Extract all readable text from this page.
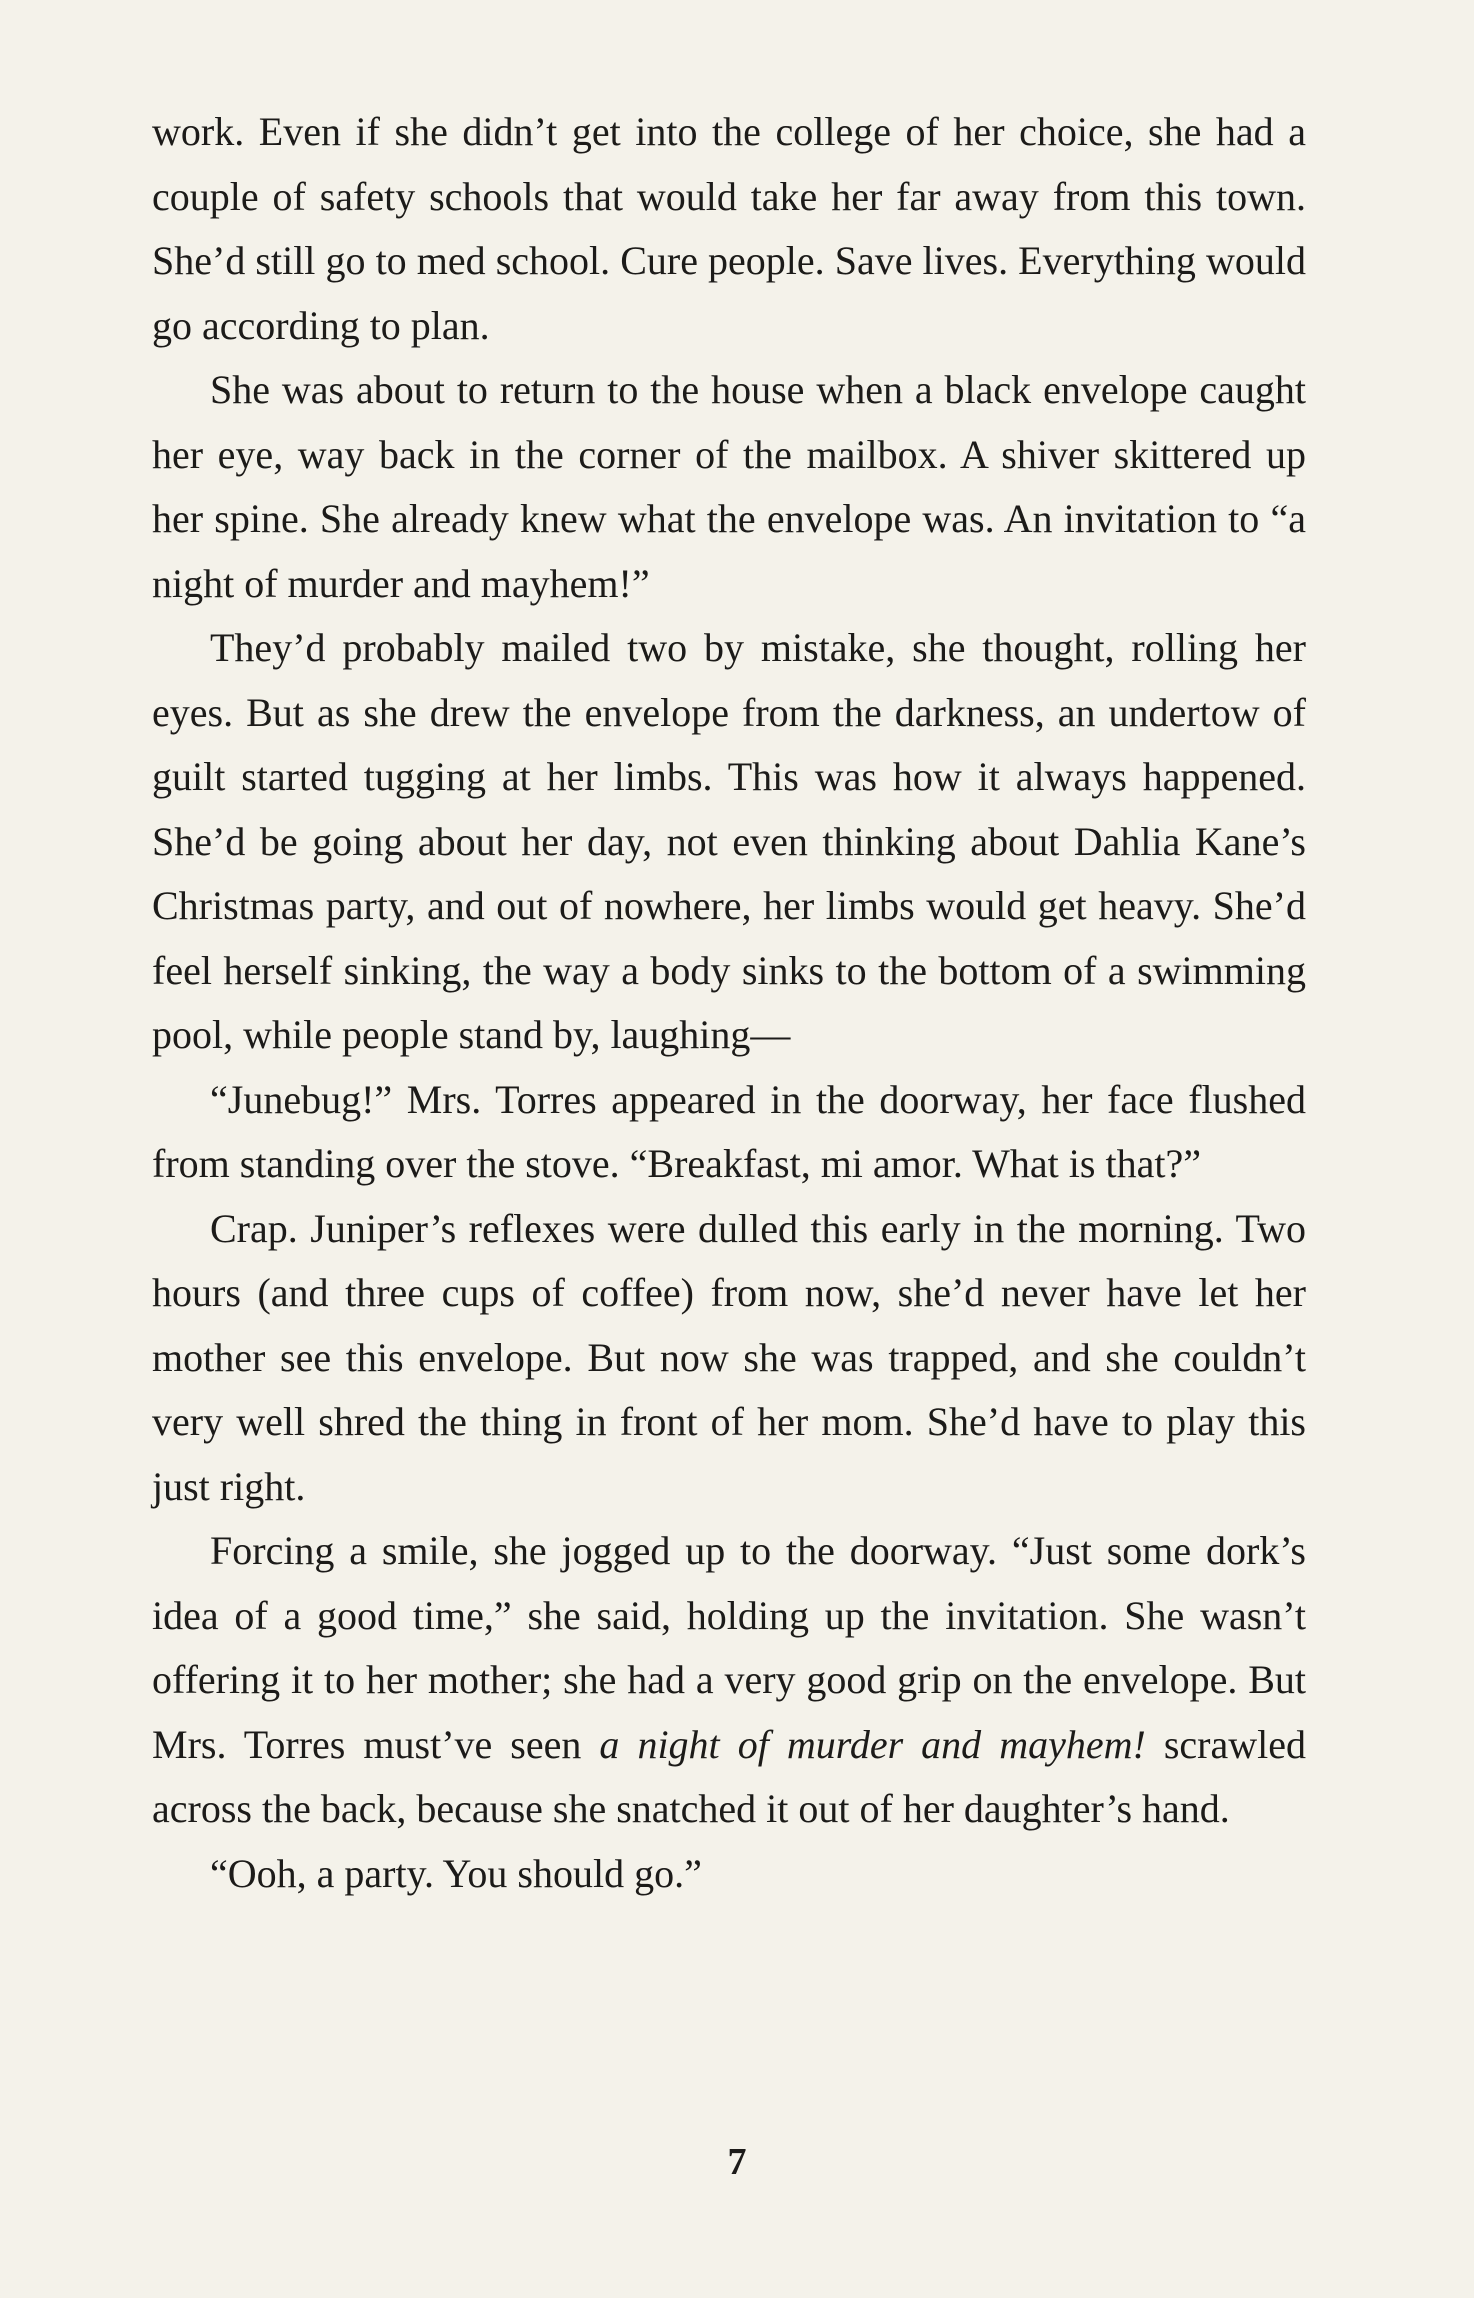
work. Even if she didn’t get into the college of her choice, she had a couple of safety schools that would take her far away from this town. She’d still go to med school. Cure people. Save lives. Everything would go according to plan.

She was about to return to the house when a black envelope caught her eye, way back in the corner of the mailbox. A shiver skittered up her spine. She already knew what the envelope was. An invitation to “a night of murder and mayhem!”

They’d probably mailed two by mistake, she thought, rolling her eyes. But as she drew the envelope from the darkness, an undertow of guilt started tugging at her limbs. This was how it always happened. She’d be going about her day, not even thinking about Dahlia Kane’s Christmas party, and out of nowhere, her limbs would get heavy. She’d feel herself sinking, the way a body sinks to the bottom of a swimming pool, while people stand by, laughing—

“Junebug!” Mrs. Torres appeared in the doorway, her face flushed from standing over the stove. “Breakfast, mi amor. What is that?”

Crap. Juniper’s reflexes were dulled this early in the morning. Two hours (and three cups of coffee) from now, she’d never have let her mother see this envelope. But now she was trapped, and she couldn’t very well shred the thing in front of her mom. She’d have to play this just right.

Forcing a smile, she jogged up to the doorway. “Just some dork’s idea of a good time,” she said, holding up the invitation. She wasn’t offering it to her mother; she had a very good grip on the envelope. But Mrs. Torres must’ve seen a night of murder and mayhem! scrawled across the back, because she snatched it out of her daughter’s hand.

“Ooh, a party. You should go.”

7
